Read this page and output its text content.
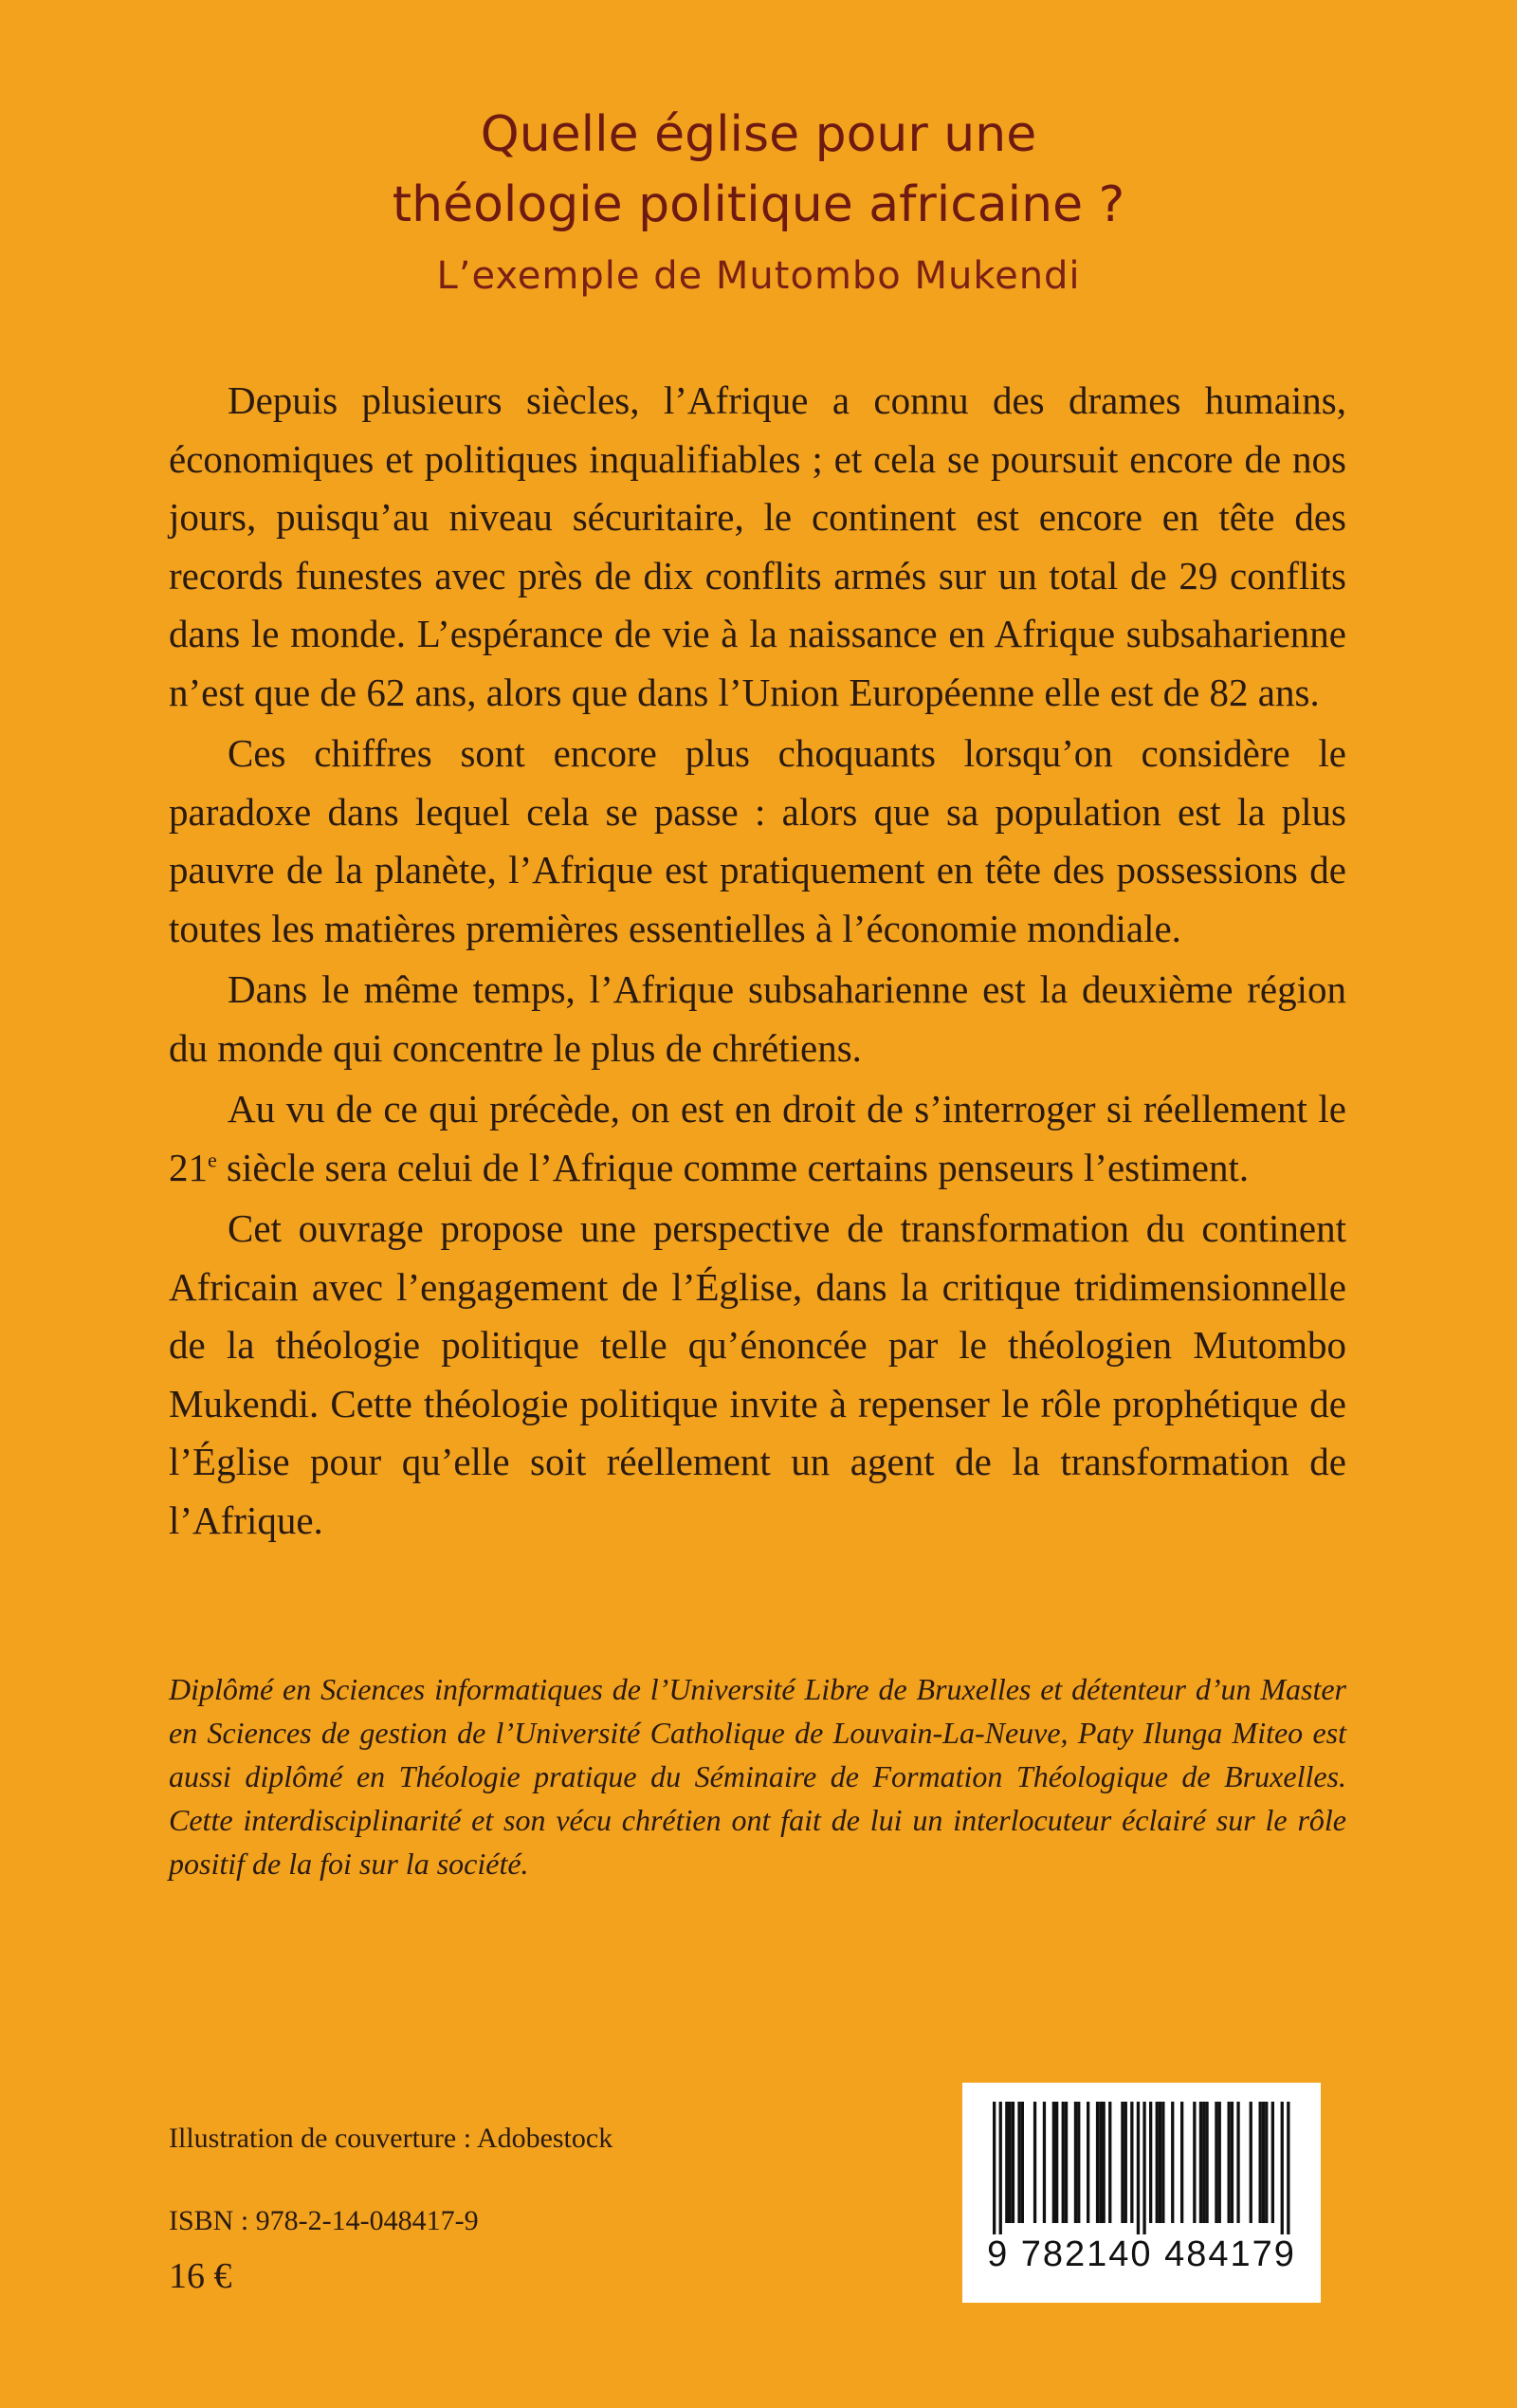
Quelle église pour une

théologie politique africaine ?

L’exemple de Mutombo Mukendi

Depuis plusieurs siècles, l’Afrique a connu des drames humains, économiques et politiques inqualifiables ; et cela se poursuit encore de nos jours, puisqu’au niveau sécuritaire, le continent est encore en tête des records funestes avec près de dix conflits armés sur un total de 29 conflits dans le monde. L’espérance de vie à la naissance en Afrique subsaharienne n’est que de 62 ans, alors que dans l’Union Européenne elle est de 82 ans.

Ces chiffres sont encore plus choquants lorsqu’on considère le paradoxe dans lequel cela se passe : alors que sa population est la plus pauvre de la planète, l’Afrique est pratiquement en tête des possessions de toutes les matières premières essentielles à l’économie mondiale.

Dans le même temps, l’Afrique subsaharienne est la deuxième région du monde qui concentre le plus de chrétiens.

Au vu de ce qui précède, on est en droit de s’interroger si réellement le 21e siècle sera celui de l’Afrique comme certains penseurs l’estiment.

Cet ouvrage propose une perspective de transformation du continent Africain avec l’engagement de l’Église, dans la critique tridimensionnelle de la théologie politique telle qu’énoncée par le théologien Mutombo Mukendi. Cette théologie politique invite à repenser le rôle prophétique de l’Église pour qu’elle soit réellement un agent de la transformation de l’Afrique.

Diplômé en Sciences informatiques de l’Université Libre de Bruxelles et détenteur d’un Master en Sciences de gestion de l’Université Catholique de Louvain-La-Neuve, Paty Ilunga Miteo est aussi diplômé en Théologie pratique du Séminaire de Formation Théologique de Bruxelles. Cette interdisciplinarité et son vécu chrétien ont fait de lui un interlocuteur éclairé sur le rôle positif de la foi sur la société.

Illustration de couverture : Adobestock

ISBN : 978-2-14-048417-9

16 €

9 782140 484179
